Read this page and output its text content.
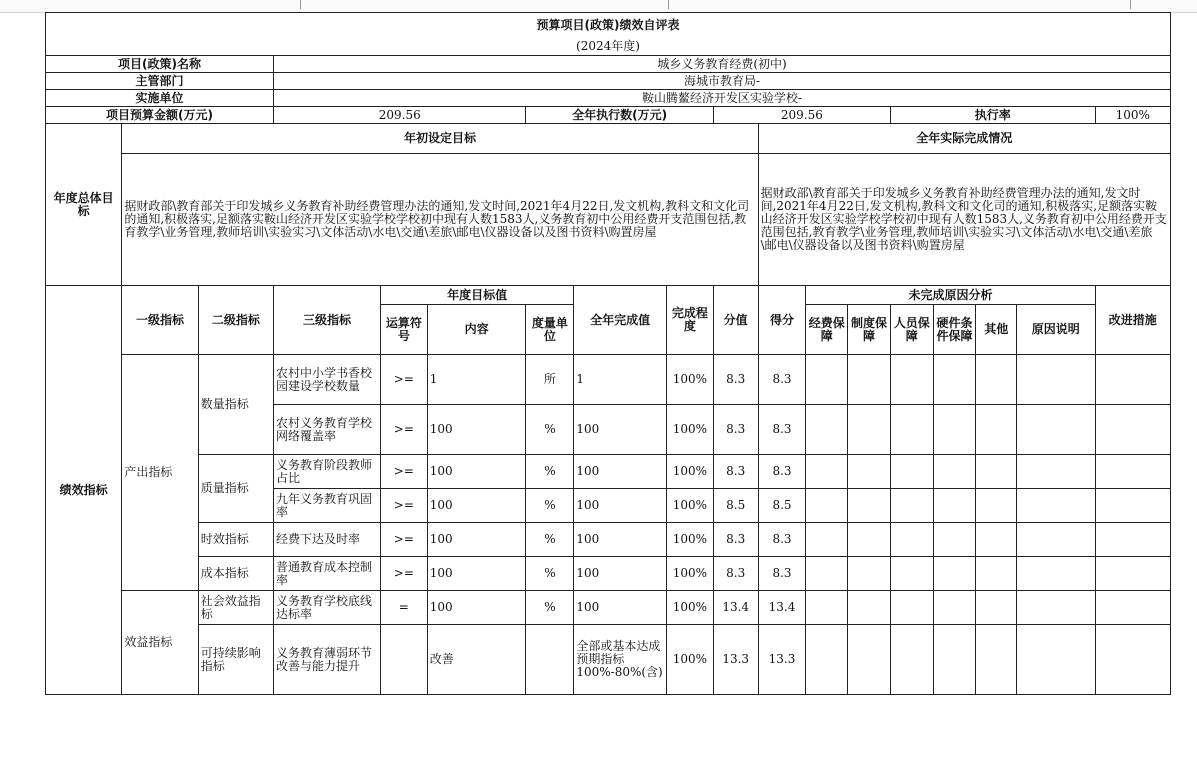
预算项目(政策)绩效自评表																	
(2024年度)																	
项目(政策)名称			城乡义务教育经费(初中)														
主管部门			海城市教育局-														
实施单位			鞍山腾鳌经济开发区实验学校-														
项目预算金额(万元)			209.56			全年执行数(万元)			209.56				执行率				100%
年度总体目标	年初设定目标									全年实际完成情况							
	据财政部\教育部关于印发城乡义务教育补助经费管理办法的通知,发文时间,2021年4月22日,发文机构,教科文和文化司的通知,积极落实,足额落实鞍山经济开发区实验学校学校初中现有人数1583人,义务教育初中公用经费开支范围包括,教育教学\业务管理,教师培训\实验实习\文体活动\水电\交通\差旅\邮电\仪器设备以及图书资料\购置房屋									据财政部\教育部关于印发城乡义务教育补助经费管理办法的通知,发文时间,2021年4月22日,发文机构,教科文和文化司的通知,积极落实,足额落实鞍山经济开发区实验学校学校初中现有人数1583人,义务教育初中公用经费开支范围包括,教育教学\业务管理,教师培训\实验实习\文体活动\水电\交通\差旅\邮电\仪器设备以及图书资料\购置房屋							
绩效指标	一级指标	二级指标	三级指标	年度目标值			全年完成值	完成程度	分值	得分	未完成原因分析						改进措施
				运算符号	内容	度量单位					经费保障	制度保障	人员保障	硬件条件保障	其他	原因说明	
	产出指标	数量指标	农村中小学书香校园建设学校数量	>=	1	所	1	100%	8.3	8.3							
			农村义务教育学校网络覆盖率	>=	100	%	100	100%	8.3	8.3							
		质量指标	义务教育阶段教师占比	>=	100	%	100	100%	8.3	8.3							
			九年义务教育巩固率	>=	100	%	100	100%	8.5	8.5							
		时效指标	经费下达及时率	>=	100	%	100	100%	8.3	8.3							
		成本指标	普通教育成本控制率	>=	100	%	100	100%	8.3	8.3							
	效益指标	社会效益指标	义务教育学校底线达标率	=	100	%	100	100%	13.4	13.4							
		可持续影响指标	义务教育薄弱环节改善与能力提升		改善		全部或基本达成预期指标100%-80%(含)	100%	13.3	13.3							
